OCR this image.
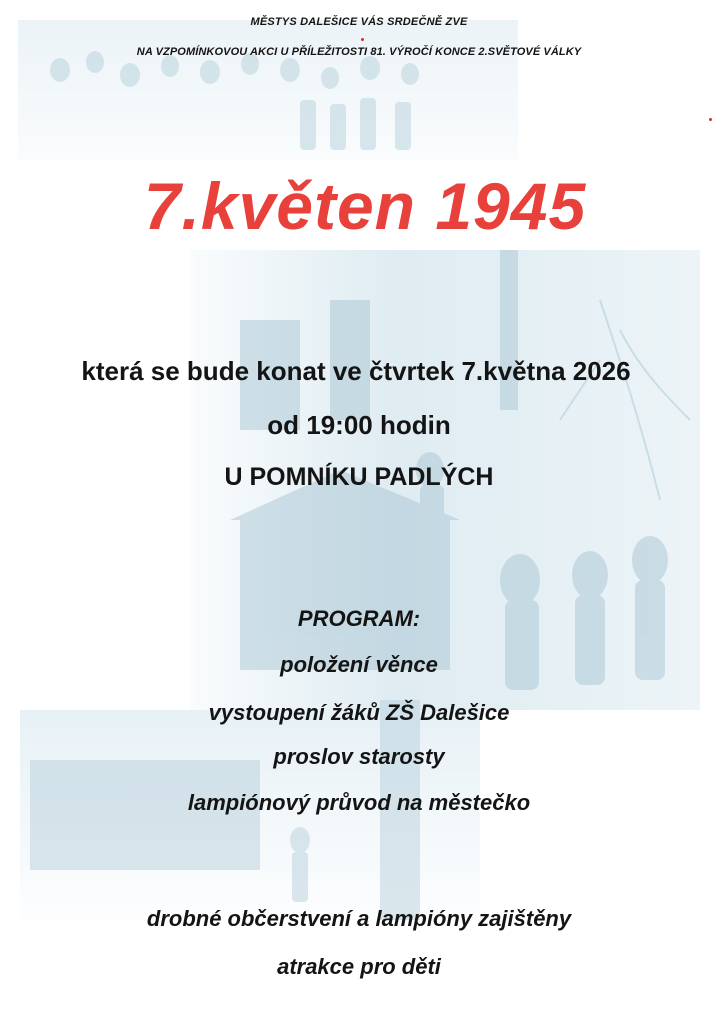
MĚSTYS DALEŠICE VÁS SRDEČNĚ ZVE
NA VZPOMÍNKOVOU AKCI U PŘÍLEŽITOSTI 81. VÝROČÍ KONCE 2.SVĚTOVÉ VÁLKY
7.květen 1945
která se bude konat ve čtvrtek 7.května 2026
od 19:00 hodin
U POMNÍKU PADLÝCH
PROGRAM:
položení věnce
vystoupení žáků ZŠ Dalešice
proslov starosty
lampiónový průvod na městečko
drobné občerstvení a lampióny zajištěny
atrakce pro děti
